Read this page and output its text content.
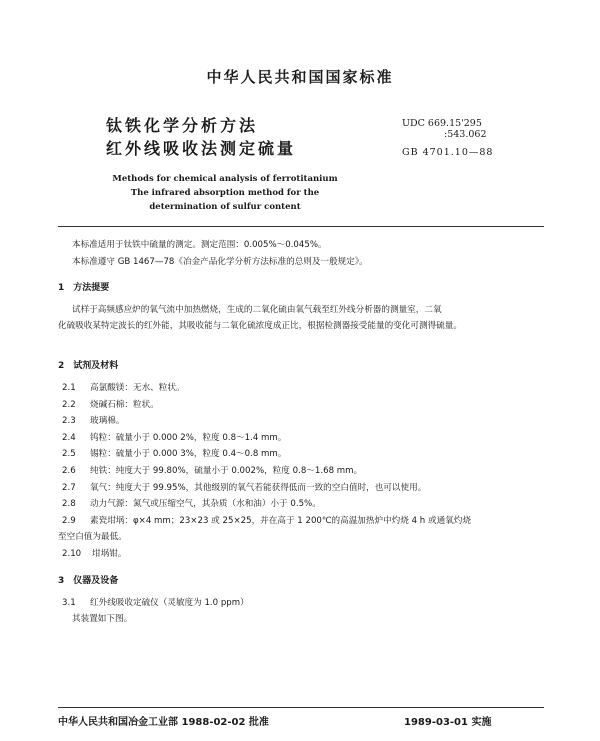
中华人民共和国国家标准
钛铁化学分析方法
红外线吸收法测定硫量
UDC 669.15'295
:543.062
GB 4701.10—88
Methods for chemical analysis of ferrotitanium
The infrared absorption method for the
determination of sulfur content
本标准适用于钛铁中硫量的测定。测定范围：0.005%～0.045%。
本标准遵守 GB 1467—78《冶金产品化学分析方法标准的总则及一般规定》。
1　方法提要
试样于高频感应炉的氧气流中加热燃烧，生成的二氧化硫由氧气载至红外线分析器的测量室，二氧
化硫吸收某特定波长的红外能，其吸收能与二氧化硫浓度成正比，根据检测器接受能量的变化可测得硫量。
2　试剂及材料
2.1 高氯酸镁：无水、粒状。
2.2 烧碱石棉：粒状。
2.3 玻璃棉。
2.4 钨粒：硫量小于 0.000 2%，粒度 0.8～1.4 mm。
2.5 锡粒：硫量小于 0.000 3%，粒度 0.4～0.8 mm。
2.6 纯铁：纯度大于 99.80%，硫量小于 0.002%，粒度 0.8～1.68 mm。
2.7 氧气：纯度大于 99.95%，其他级别的氧气若能获得低而一致的空白值时，也可以使用。
2.8 动力气源：氮气或压缩空气，其杂质（水和油）小于 0.5%。
2.9 素瓷坩埚：φ×4 mm；23×23 或 25×25，并在高于 1 200℃的高温加热炉中灼烧 4 h 或通氧灼烧
至空白值为最低。
2.10 坩埚钳。
3　仪器及设备
3.1 红外线吸收定硫仪（灵敏度为 1.0 ppm）
其装置如下图。
中华人民共和国冶金工业部 1988-02-02 批准	1989-03-01 实施
